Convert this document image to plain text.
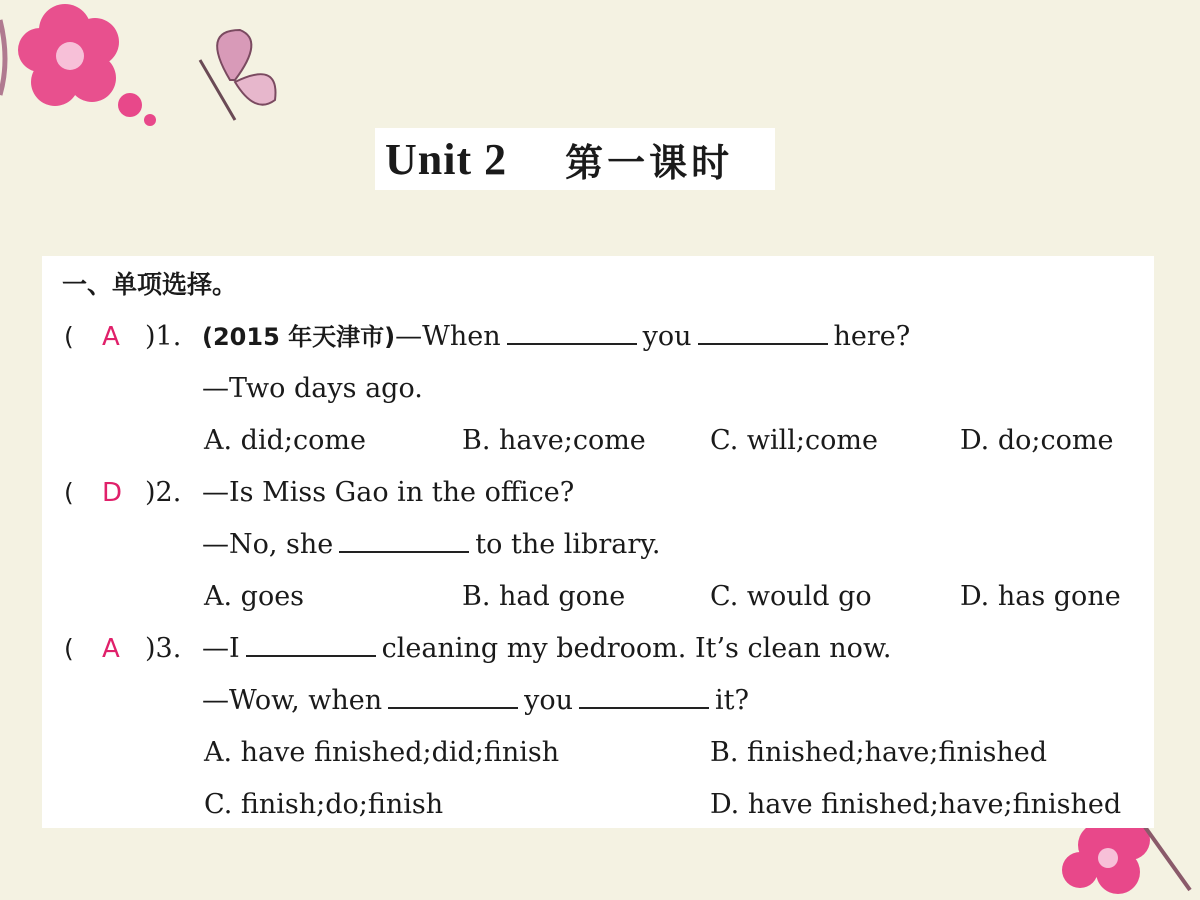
Unit 2 第一课时
一、单项选择。
( A )1. (2015 年天津市)—When	you	here?
—Two days ago.
A. did;come	B. have;come C. will;come	D. do;come
( D )2. —Is Miss Gao in the office?
—No, she	to the library.
A. goes	B. had gone	C. would go	D. has gone
( A )3. —I	cleaning my bedroom. It’s clean now.
—Wow, when	you	it?
A. have finished;did;finish	B. finished;have;finished
C. finish;do;finish	D. have finished;have;finished
